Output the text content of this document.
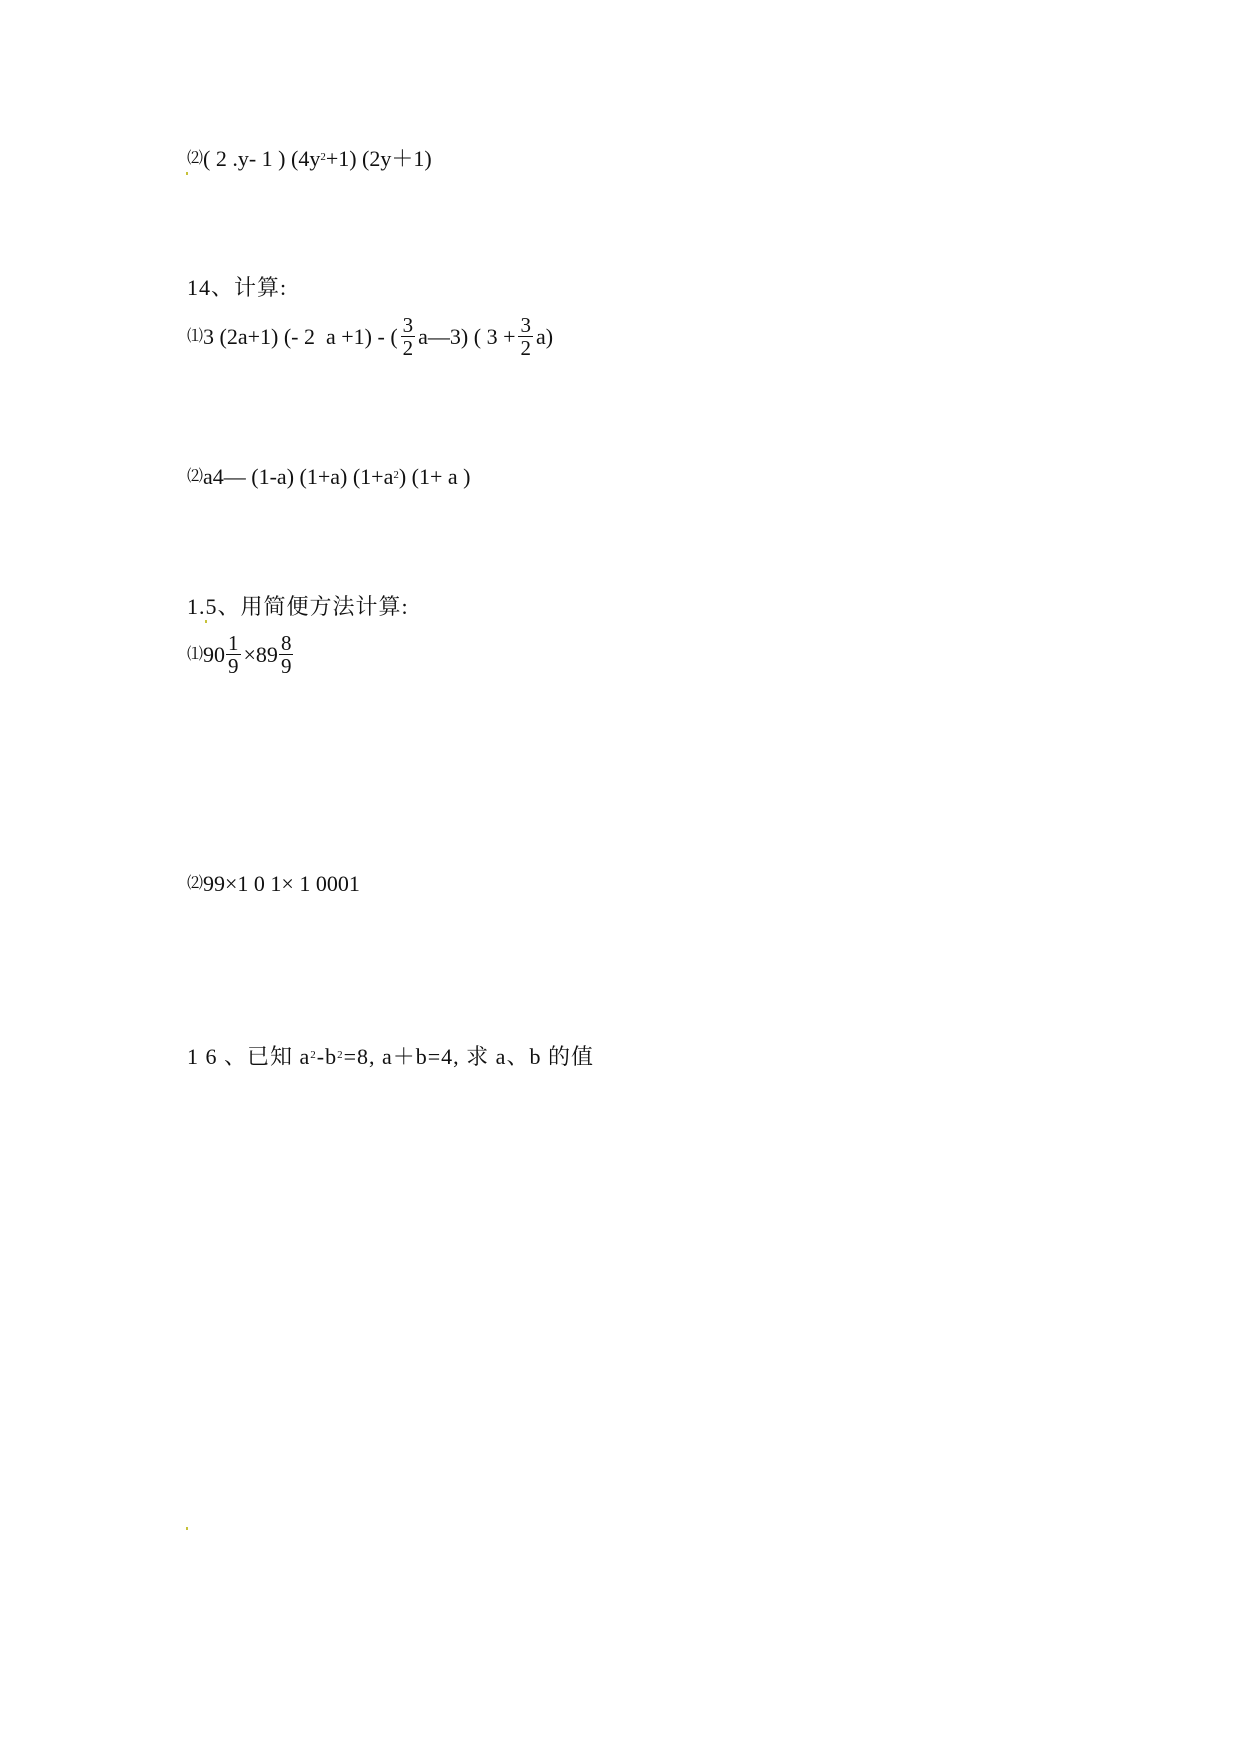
⑵ ( 2 .y- 1 ) $(4y^2 +1)$ (2y＋1)
14、计算:
⑴ 3 (2a+1) (- 2  a +1) - ( $\frac{3}{2}$ a—3) ( $3 + \frac{3}{2} a$)
⑵ a4— (1-a) (1+a) ($1+a^2$ ) (1+ a )
1.5、用简便方法计算:
⑴ $90 \frac{1}{9} \times 89 \frac{8}{9}$
⑵ 99×1 0 1× 1 0001
1 6 、已知 $a^2$ $-b^2 =8$, a＋b=4, 求 a、b 的值
